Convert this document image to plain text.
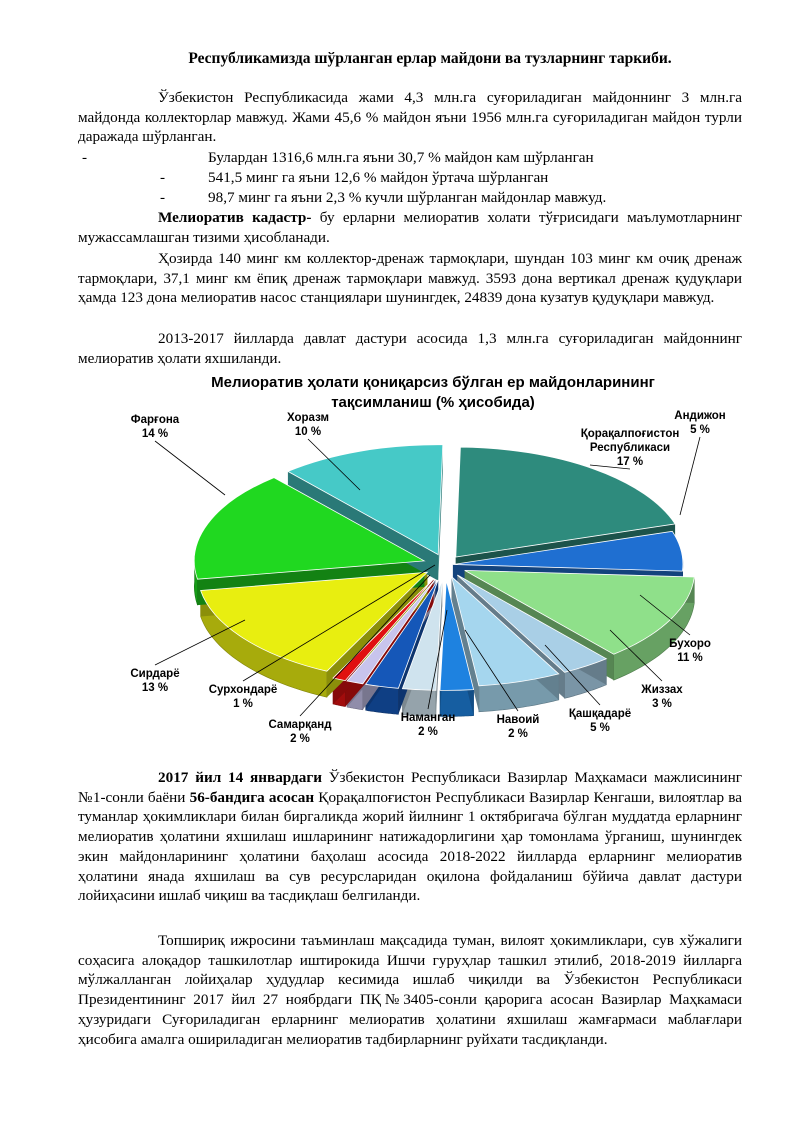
Республикамизда шўрланган ерлар майдони ва тузларнинг таркиби.
Ўзбекистон Республикасида жами 4,3 млн.га суғориладиган майдоннинг 3 млн.га майдонда коллекторлар мавжуд. Жами 45,6 % майдон яъни 1956 млн.га суғориладиган майдон турли даражада шўрланган.
-	Булардан 1316,6 млн.га яъни 30,7 % майдон кам шўрланган
-	541,5 минг га яъни 12,6 % майдон ўртача шўрланган
-	98,7 минг га яъни 2,3 % кучли шўрланган майдонлар мавжуд.
Мелиоратив кадастр- бу ерларни мелиоратив холати тўғрисидаги маълумотларнинг мужассамлашган тизими ҳисобланади.
Ҳозирда 140 минг км коллектор-дренаж тармоқлари, шундан 103 минг км очиқ дренаж тармоқлари, 37,1 минг км ёпиқ дренаж тармоқлари мавжуд. 3593 дона вертикал дренаж қудуқлари ҳамда 123 дона мелиоратив насос станциялари шунингдек, 24839 дона кузатув қудуқлари мавжуд.
2013-2017 йилларда давлат дастури асосида 1,3 млн.га суғориладиган майдоннинг мелиоратив ҳолати яхшиланди.
Мелиоратив ҳолати қониқарсиз бўлган ер майдонларининг
тақсимланиш (% ҳисобида)
Андижон 5 %
Қорақалпоғистон Республикаси 17 %
Бухоро 11 %
Жиззах 3 %
Қашқадарё 5 %
Навоий 2 %
Наманган 2 %
Самарқанд 2 %
Сурхондарё 1 %
Сирдарё 13 %
Фарғона 14 %
Хоразм 10 %
2017 йил 14 январдаги Ўзбекистон Республикаси Вазирлар Маҳкамаси мажлисининг №1-сонли баёни 56-бандига асосан Қорақалпоғистон Республикаси Вазирлар Кенгаши, вилоятлар ва туманлар ҳокимликлари билан биргаликда жорий йилнинг 1 октябригача бўлган муддатда ерларнинг мелиоратив ҳолатини яхшилаш ишларининг натижадорлигини ҳар томонлама ўрганиш, шунингдек экин майдонларининг ҳолатини баҳолаш асосида 2018-2022 йилларда ерларнинг мелиоратив ҳолатини янада яхшилаш ва сув ресурсларидан оқилона фойдаланиш бўйича давлат дастури лойиҳасини ишлаб чиқиш ва тасдиқлаш белгиланди.
Топшириқ ижросини таъминлаш мақсадида туман, вилоят ҳокимликлари, сув хўжалиги соҳасига алоқадор ташкилотлар иштирокида Ишчи гуруҳлар ташкил этилиб, 2018-2019 йилларга мўлжалланган лойиҳалар ҳудудлар кесимида ишлаб чиқилди ва Ўзбекистон Республикаси Президентининг 2017 йил 27 ноябрдаги ПҚ№3405-сонли қарорига асосан Вазирлар Маҳкамаси ҳузуридаги Суғориладиган ерларнинг мелиоратив ҳолатини яхшилаш жамғармаси маблағлари ҳисобига амалга ошириладиган мелиоратив тадбирларнинг руйхати тасдиқланди.
